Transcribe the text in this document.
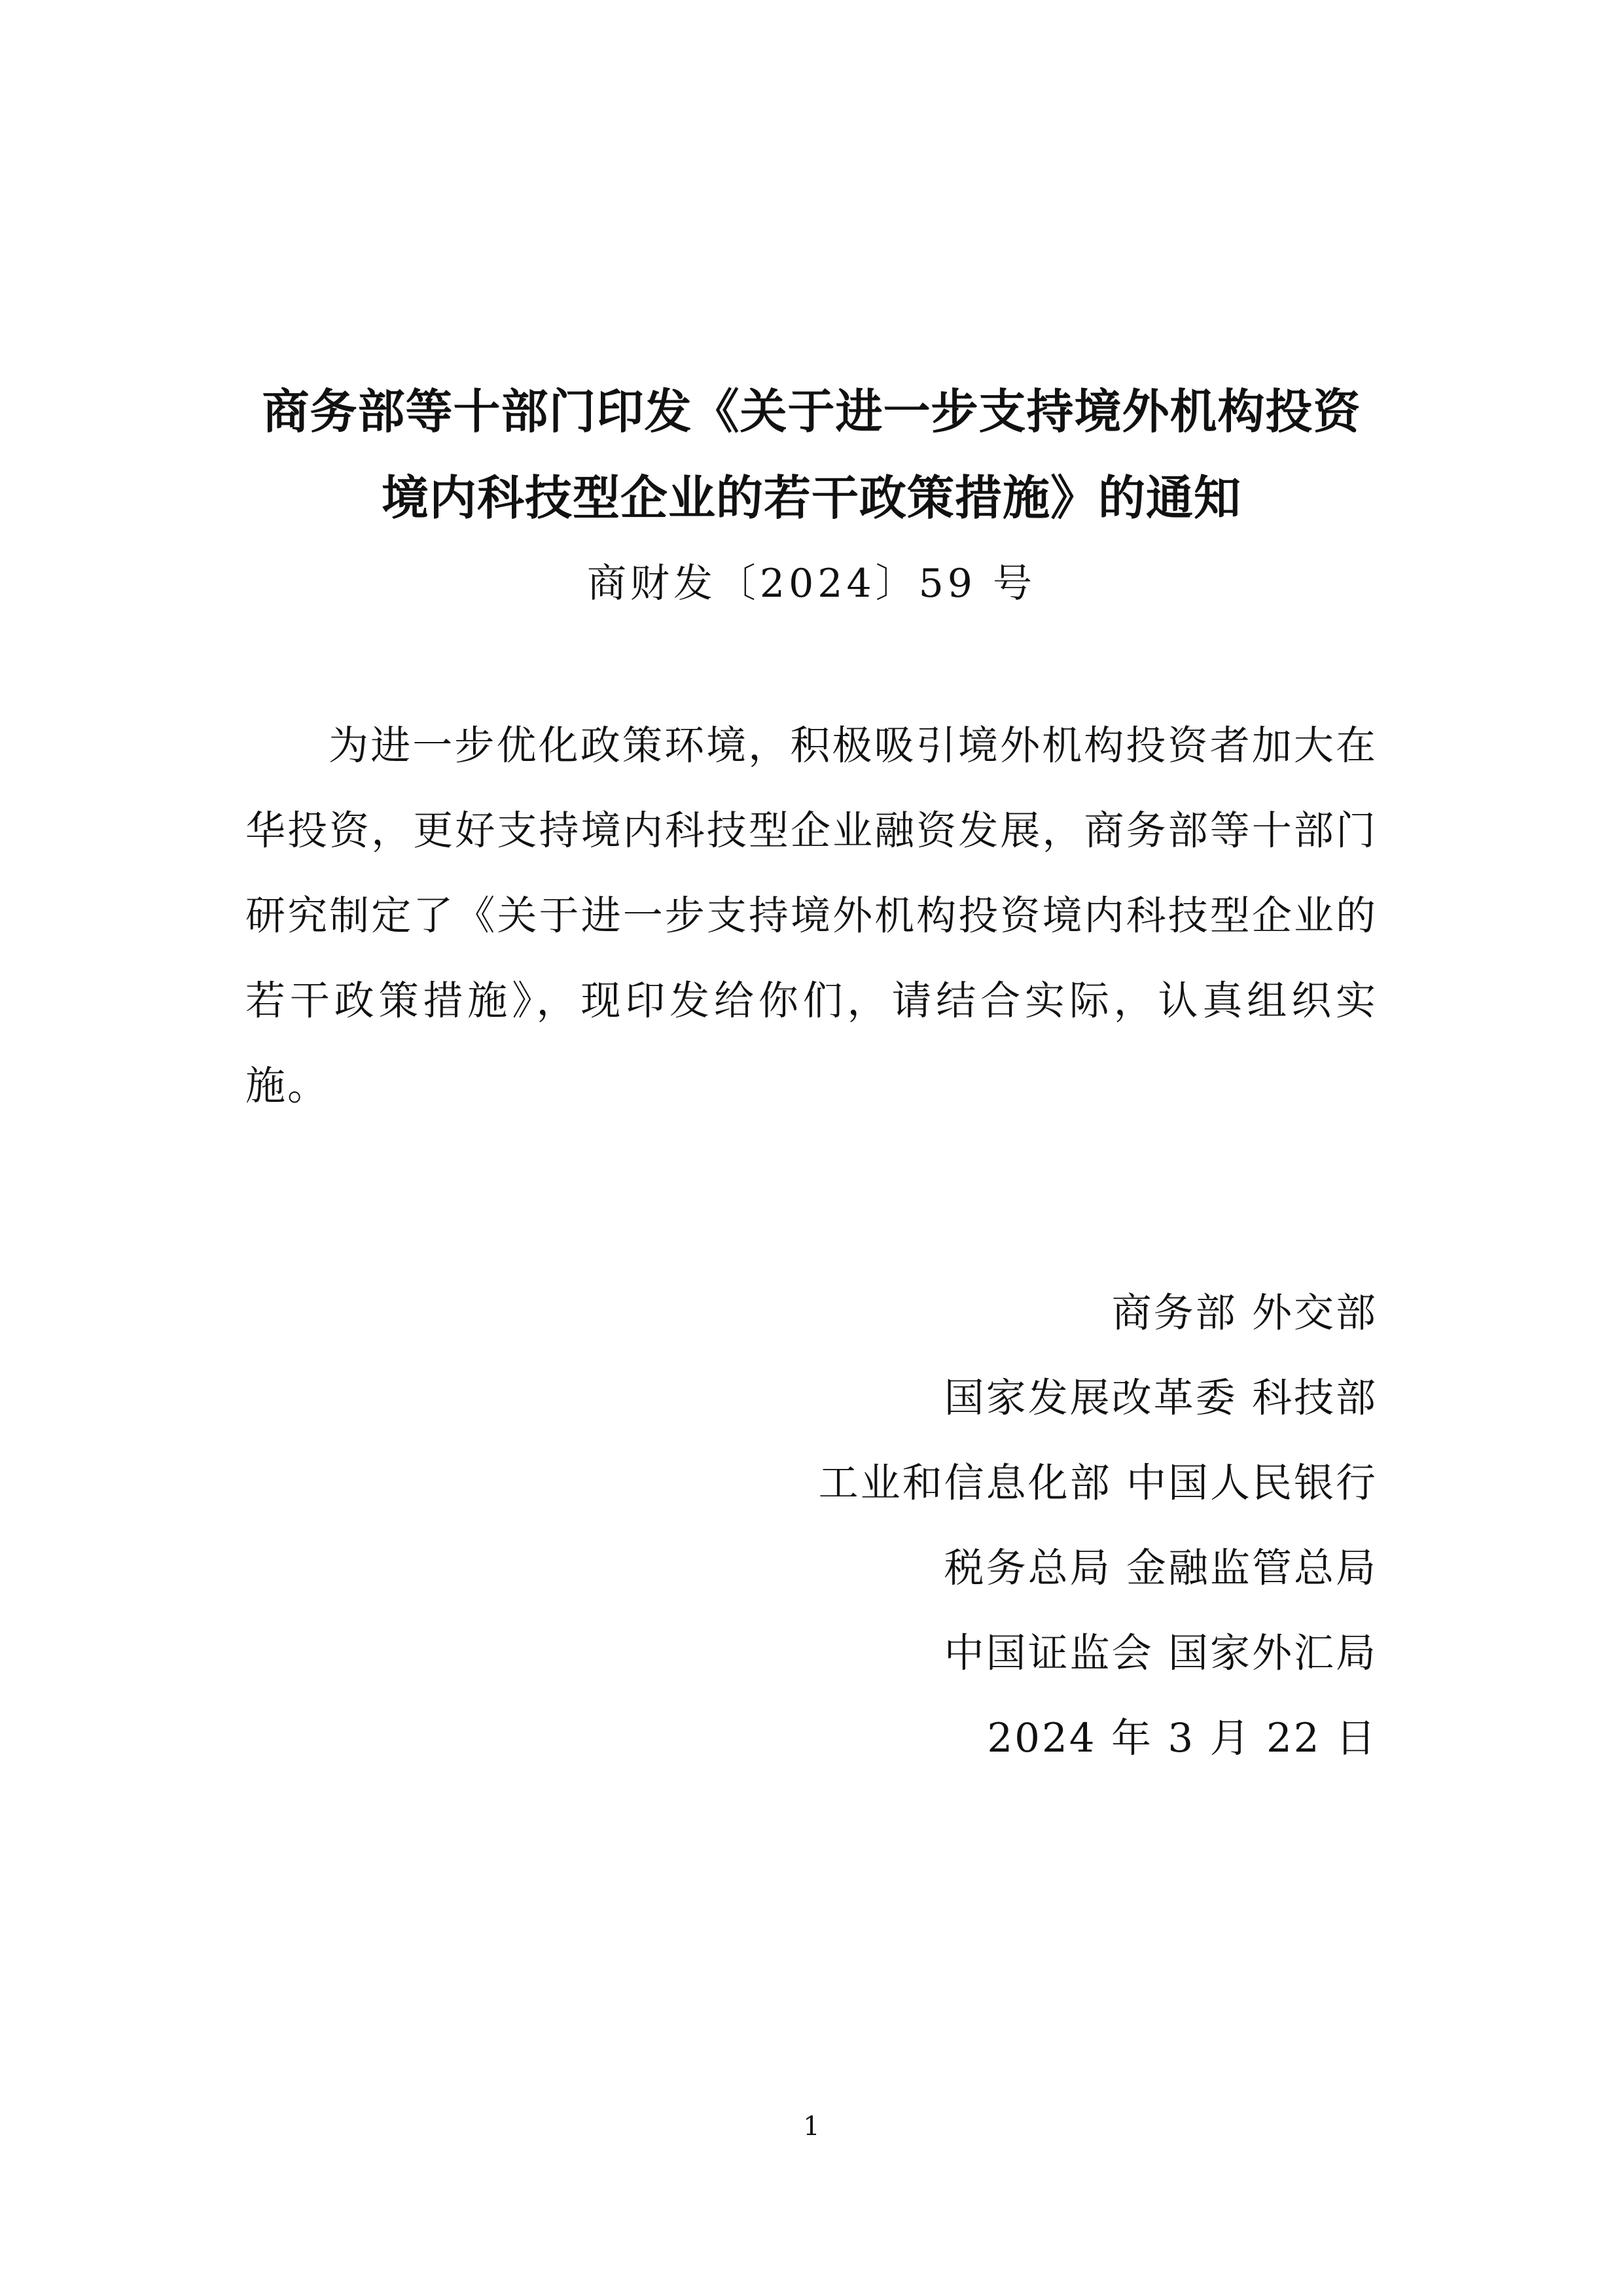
商务部等十部门印发《关于进一步支持境外机构投资
境内科技型企业的若干政策措施》的通知
商财发〔2024〕59 号

为进一步优化政策环境，积极吸引境外机构投资者加大在华投资，更好支持境内科技型企业融资发展，商务部等十部门研究制定了《关于进一步支持境外机构投资境内科技型企业的若干政策措施》，现印发给你们，请结合实际，认真组织实施。

商务部 外交部
国家发展改革委 科技部
工业和信息化部 中国人民银行
税务总局 金融监管总局
中国证监会 国家外汇局
2024 年 3 月 22 日
1
